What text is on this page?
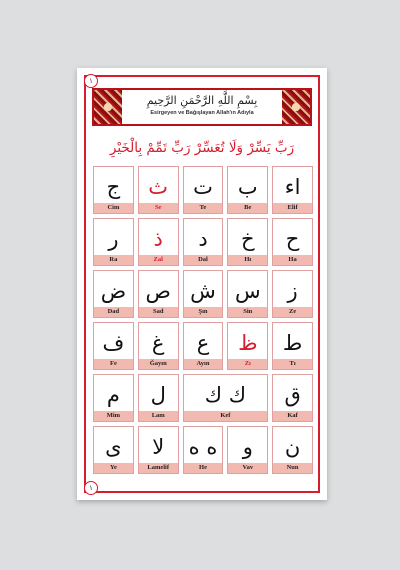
١
١
بِسْمِ اللَّهِ الرَّحْمَنِ الرَّحِيمِ
Esirgeyen ve Bağışlayan Allah'ın Adıyla
رَبِّ يَسِّرْ وَلَا تُعَسِّرْ رَبِّ تَمِّمْ بِالْخَيْرِ
ج
Cim
ث
Se
ت
Te
ب
Be
اء
Elif
ر
Ra
ذ
Zal
د
Dal
خ
Hı
ح
Ha
ض
Dad
ص
Sad
ش
Şın
س
Sin
ز
Ze
ف
Fe
غ
Ğayın
ع
Ayın
ظ
Zı
ط
Tı
م
Mim
ل
Lam
ك ك
Kef
ق
Kaf
ى
Ye
لا
Lamelif
ه ه
He
و
Vav
ن
Nun
